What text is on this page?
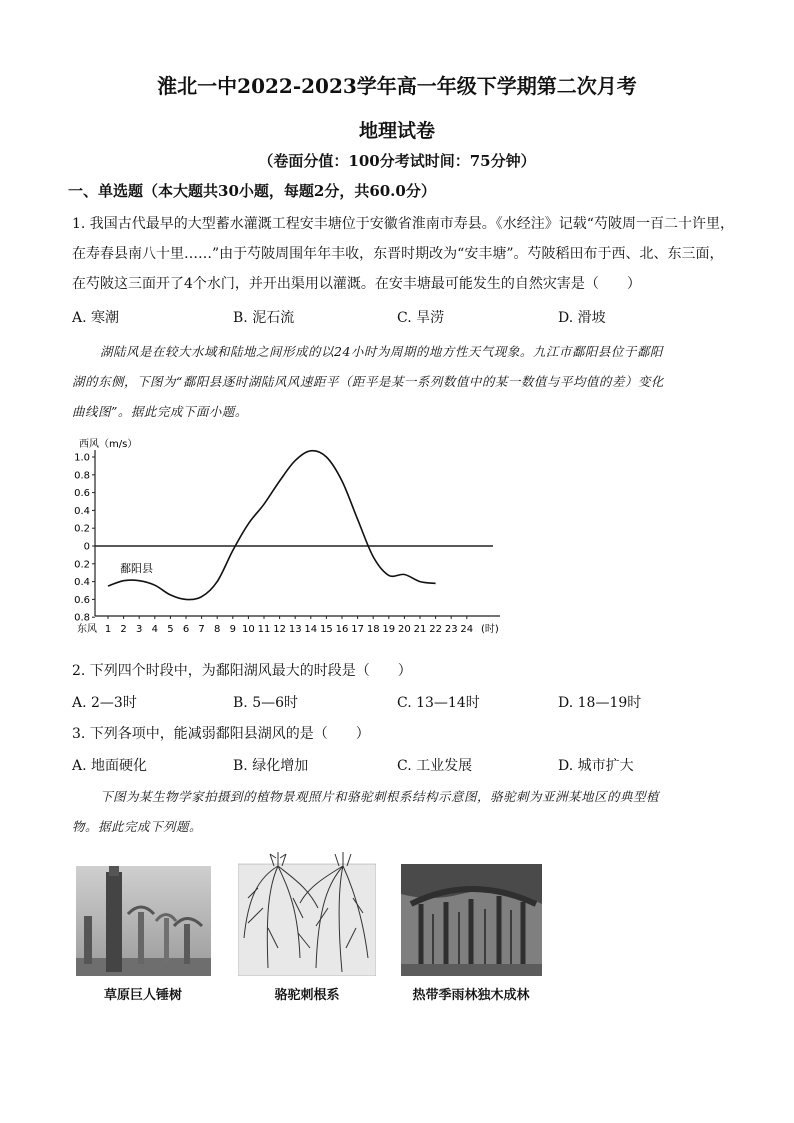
淮北一中2022-2023学年高一年级下学期第二次月考
地理试卷
（卷面分值：100分考试时间：75分钟）
一、单选题（本大题共30小题，每题2分，共60.0分）
1. 我国古代最早的大型蓄水灌溉工程安丰塘位于安徽省淮南市寿县。《水经注》记载“芍陂周一百二十许里，
在寿春县南八十里……”由于芍陂周围年年丰收，东晋时期改为“安丰塘”。芍陂稻田布于西、北、东三面，
在芍陂这三面开了4个水门，并开出渠用以灌溉。在安丰塘最可能发生的自然灾害是（　　）
A. 寒潮	B. 泥石流	C. 旱涝	D. 滑坡
湖陆风是在较大水域和陆地之间形成的以24小时为周期的地方性天气现象。九江市鄱阳县位于鄱阳
湖的东侧，下图为“鄱阳县逐时湖陆风风速距平（距平是某一系列数值中的某一数值与平均值的差）变化
曲线图”。据此完成下面小题。
西风（m/s）
东风	(时)
鄱阳县
1.0
0.8
0.6
0.4
0.2
0
0.2
0.4
0.6
0.8
1 2 3 4 5 6 7 8 9 10 11 12 13 14 15 16 17 18 19 20 21 22 23 24
2. 下列四个时段中，为鄱阳湖风最大的时段是（　　）
A. 2—3时	B. 5—6时	C. 13—14时	D. 18—19时
3. 下列各项中，能减弱鄱阳县湖风的是（　　）
A. 地面硬化	B. 绿化增加	C. 工业发展	D. 城市扩大
下图为某生物学家拍摄到的植物景观照片和骆驼刺根系结构示意图，骆驼刺为亚洲某地区的典型植
物。据此完成下列题。
草原巨人锤树	骆驼刺根系	热带季雨林独木成林
